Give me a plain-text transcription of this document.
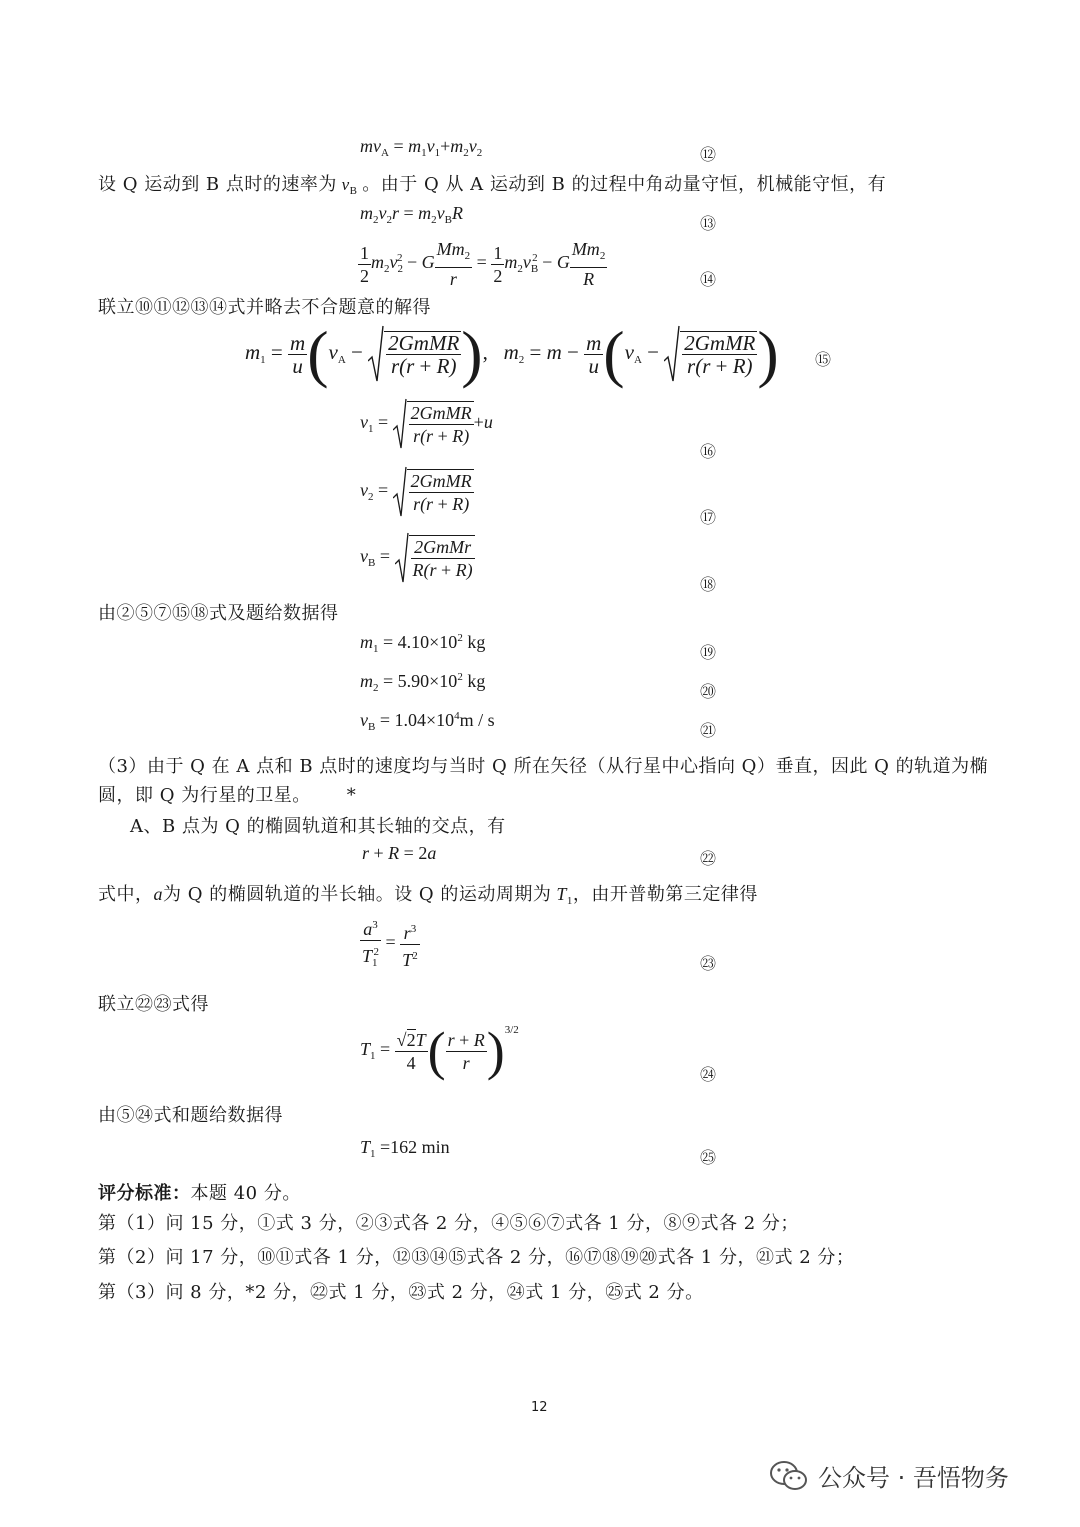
$mv_A = m_1v_1+m_2v_2$	⑫
设 Q 运动到 B 点时的速率为 $v_B$ 。由于 Q 从 A 运动到 B 的过程中角动量守恒，机械能守恒，有
$m_2v_2r = m_2v_BR$
⑬
$\frac{1}{2} m_2v_2^2 - G \frac{Mm_2}{r} = \frac{1}{2} m_2v_B^2 - G \frac{Mm_2}{R}$	⑭
联立⑩⑪⑫⑬⑭式并略去不合题意的解得
$m_1 = \frac{m}{u} (v_A - \frac{\text{2GmMR}}{r(r + R)}$ ),   $m_2 = m - \frac{m}{u} (v_A - \frac{\text{2GmMR}}{r(r + R)}$ ) ⑮
$v_1 = \frac{\text{2GmMR}}{r(r + R)} +u$
⑯
$v_2 = \frac{\text{2GmMR}}{r(r + R)}$
⑰
$v_B = \frac{\text{2GmMr}}{R(r + R)}$
⑱
由②⑤⑦⑮⑱式及题给数据得
$m_1 = 4.10\times 10^2$ kg
⑲
$m_2 = 5.90\times 10^2$ kg
⑳
$v_B = 1.04\times 10^4m / s$
㉑
（3）由于 Q 在 A 点和 B 点时的速度均与当时 Q 所在矢径（从行星中心指向 Q）垂直，因此 Q 的轨道为椭
圆，即 Q 为行星的卫星。 *
A、B 点为 Q 的椭圆轨道和其长轴的交点，有
r + R = 2a	㉒
式中，a为 Q 的椭圆轨道的半长轴。设 Q 的运动周期为 $T_1$，由开普勒第三定律得
$\frac{a^3}{T_1^2} = \frac{r^3}{T^2}$	㉓
联立㉒㉓式得
$T_1 = \frac{√2T}{4}$ ( $\frac{r + R}{r} )^{3/2}$
㉔
由⑤㉔式和题给数据得
$T_1 =162$ min
㉕
评分标准：本题 40 分。
第（1）问 15 分，①式 3 分，②③式各 2 分，④⑤⑥⑦式各 1 分，⑧⑨式各 2 分；
第（2）问 17 分，⑩⑪式各 1 分，⑫⑬⑭⑮式各 2 分，⑯⑰⑱⑲⑳式各 1 分，㉑式 2 分；
第（3）问 8 分，*2 分，㉒式 1 分，㉓式 2 分，㉔式 1 分，㉕式 2 分。
12
公众号 · 吾悟物务
